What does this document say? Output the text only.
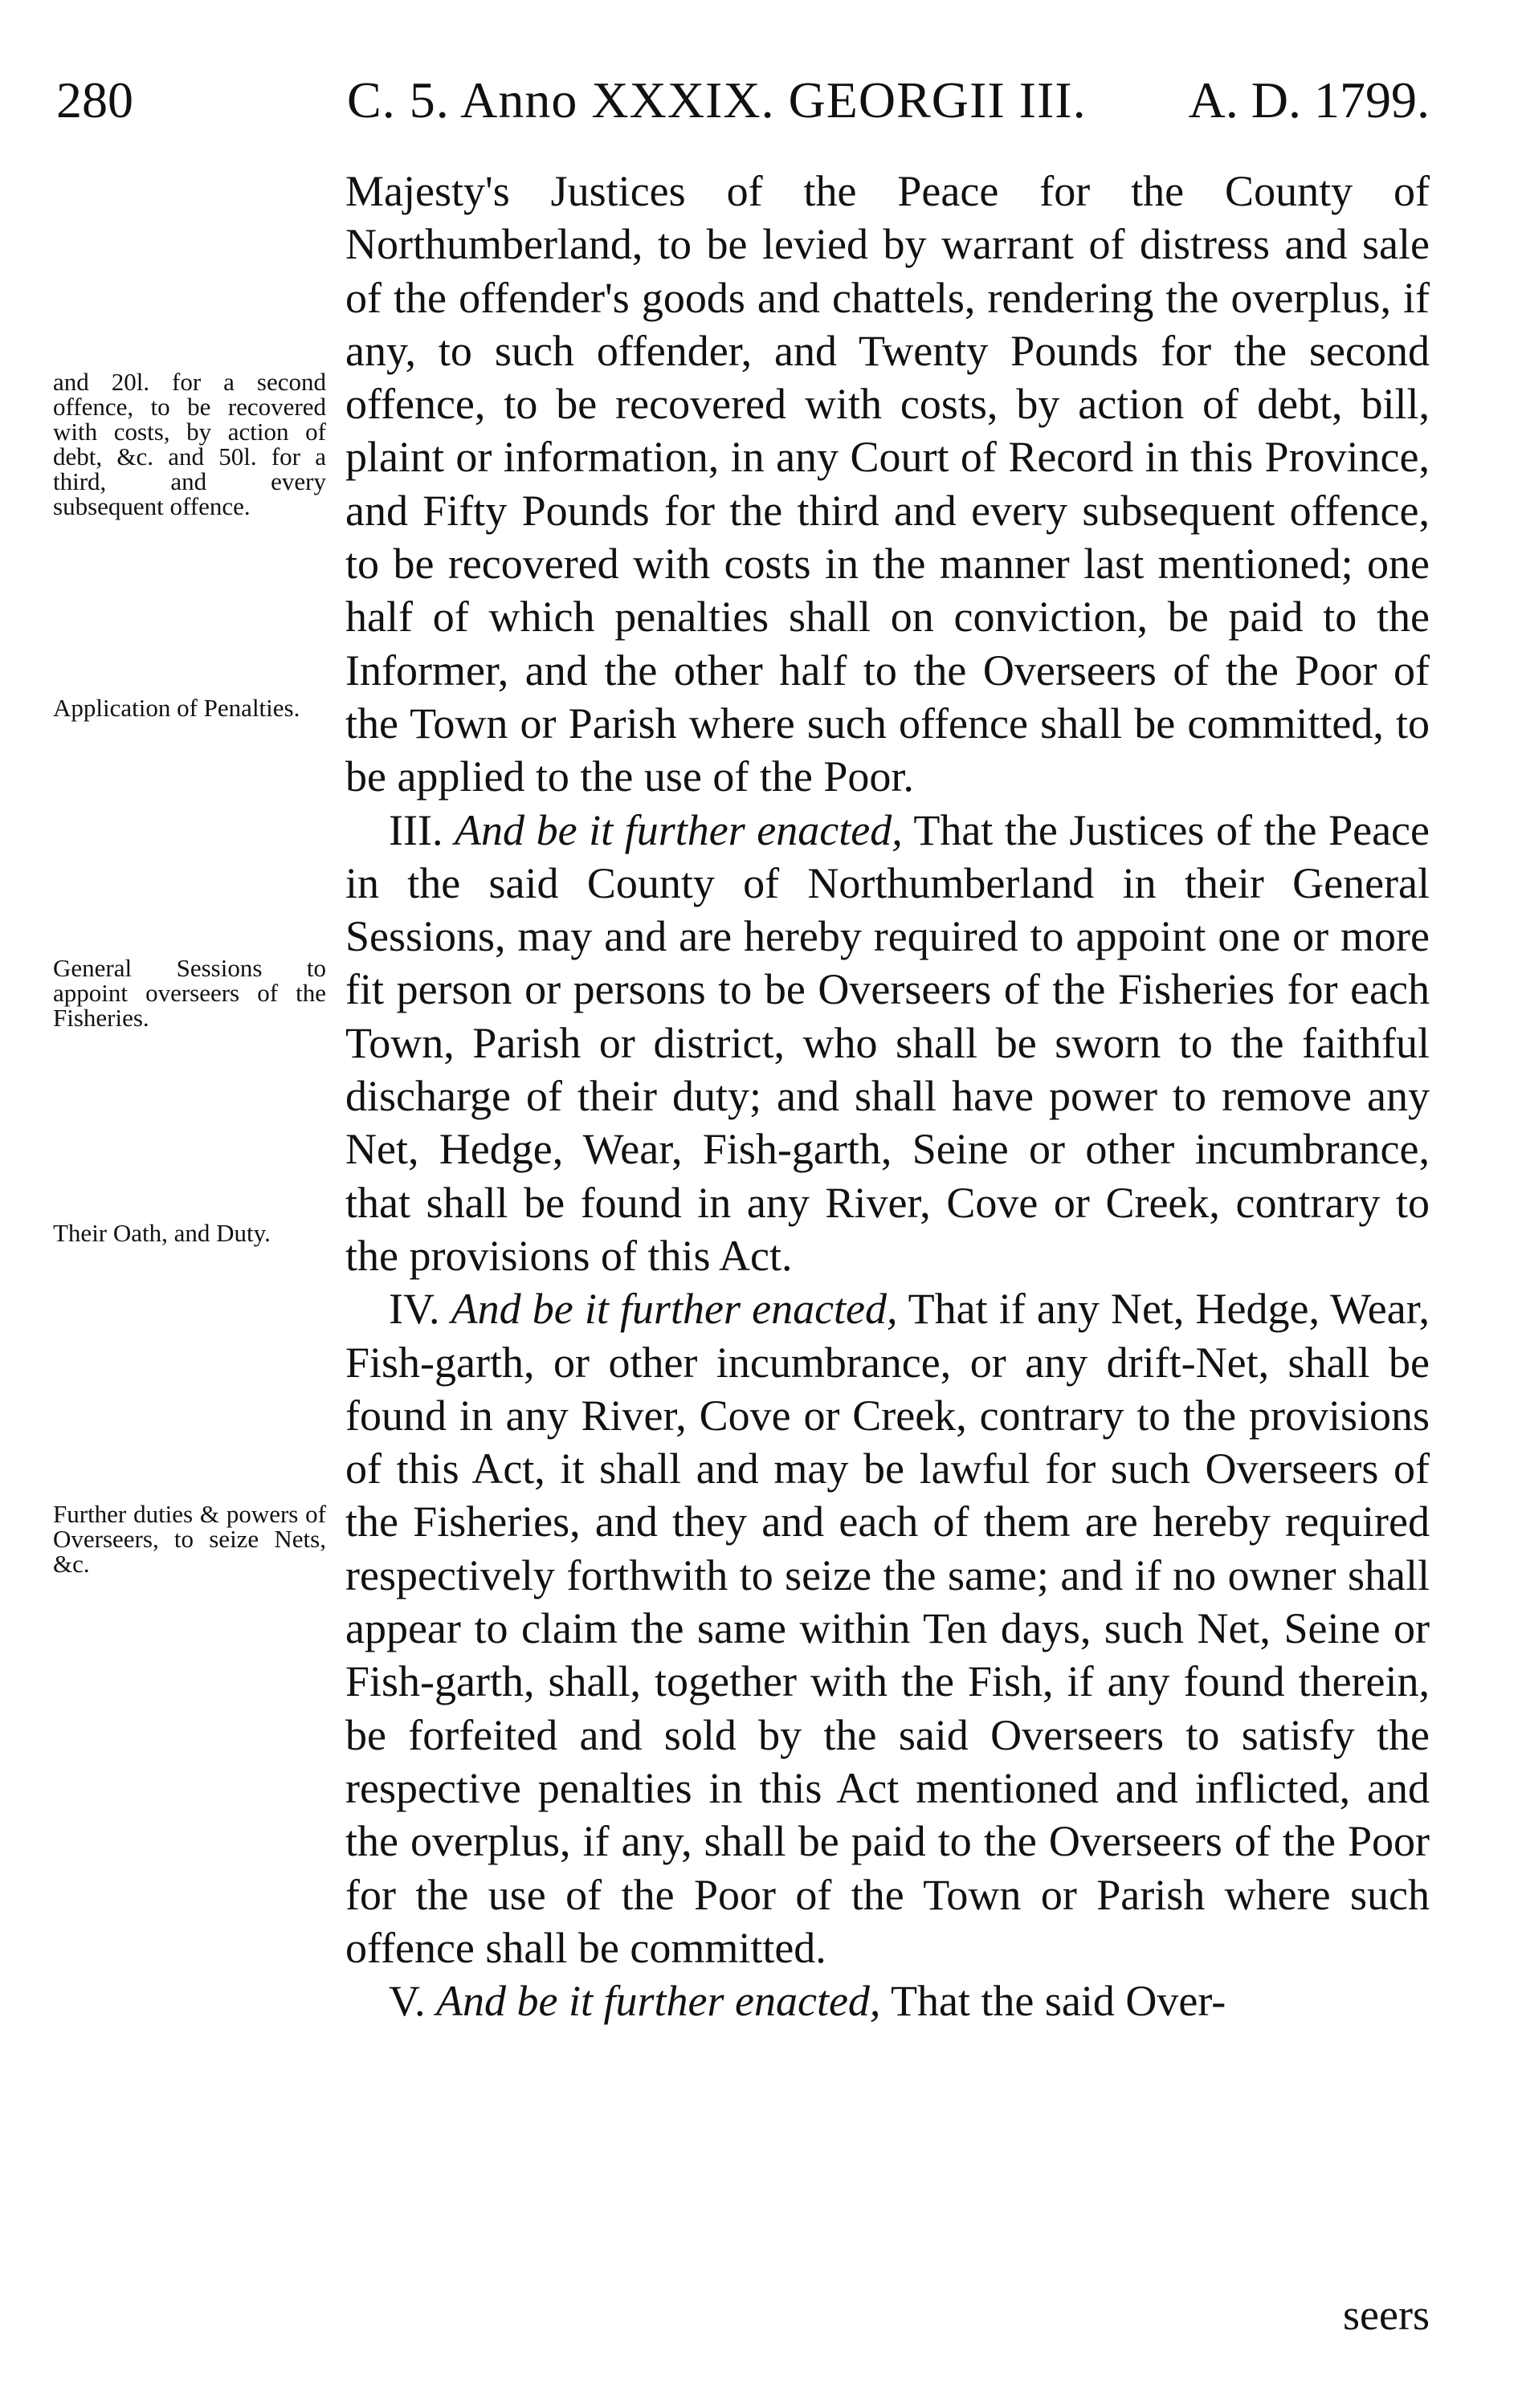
280	C. 5. Anno XXXIX. GEORGII III. A. D. 1799.
and 20l. for a second offence, to be recovered with costs, by action of debt, &c. and 50l. for a third, and every subsequent offence.
Application of Penalties.
General Sessions to appoint overseers of the Fisheries.
Their Oath, and Duty.
Further duties & powers of Overseers, to seize Nets, &c.

Majesty's Justices of the Peace for the County of Northumberland, to be levied by warrant of distress and sale of the offender's goods and chattels, rendering the overplus, if any, to such offender, and Twenty Pounds for the second offence, to be recovered with costs, by action of debt, bill, plaint or information, in any Court of Record in this Province, and Fifty Pounds for the third and every subsequent offence, to be recovered with costs in the manner last mentioned; one half of which penalties shall on conviction, be paid to the Informer, and the other half to the Overseers of the Poor of the Town or Parish where such offence shall be committed, to be applied to the use of the Poor.

III. And be it further enacted, That the Justices of the Peace in the said County of Northumberland in their General Sessions, may and are hereby required to appoint one or more fit person or persons to be Overseers of the Fisheries for each Town, Parish or district, who shall be sworn to the faithful discharge of their duty; and shall have power to remove any Net, Hedge, Wear, Fish-garth, Seine or other incumbrance, that shall be found in any River, Cove or Creek, contrary to the provisions of this Act.

IV. And be it further enacted, That if any Net, Hedge, Wear, Fish-garth, or other incumbrance, or any drift-Net, shall be found in any River, Cove or Creek, contrary to the provisions of this Act, it shall and may be lawful for such Overseers of the Fisheries, and they and each of them are hereby required respectively forthwith to seize the same; and if no owner shall appear to claim the same within Ten days, such Net, Seine or Fish-garth, shall, together with the Fish, if any found therein, be forfeited and sold by the said Overseers to satisfy the respective penalties in this Act mentioned and inflicted, and the overplus, if any, shall be paid to the Overseers of the Poor for the use of the Poor of the Town or Parish where such offence shall be committed.

V. And be it further enacted, That the said Over-

seers
